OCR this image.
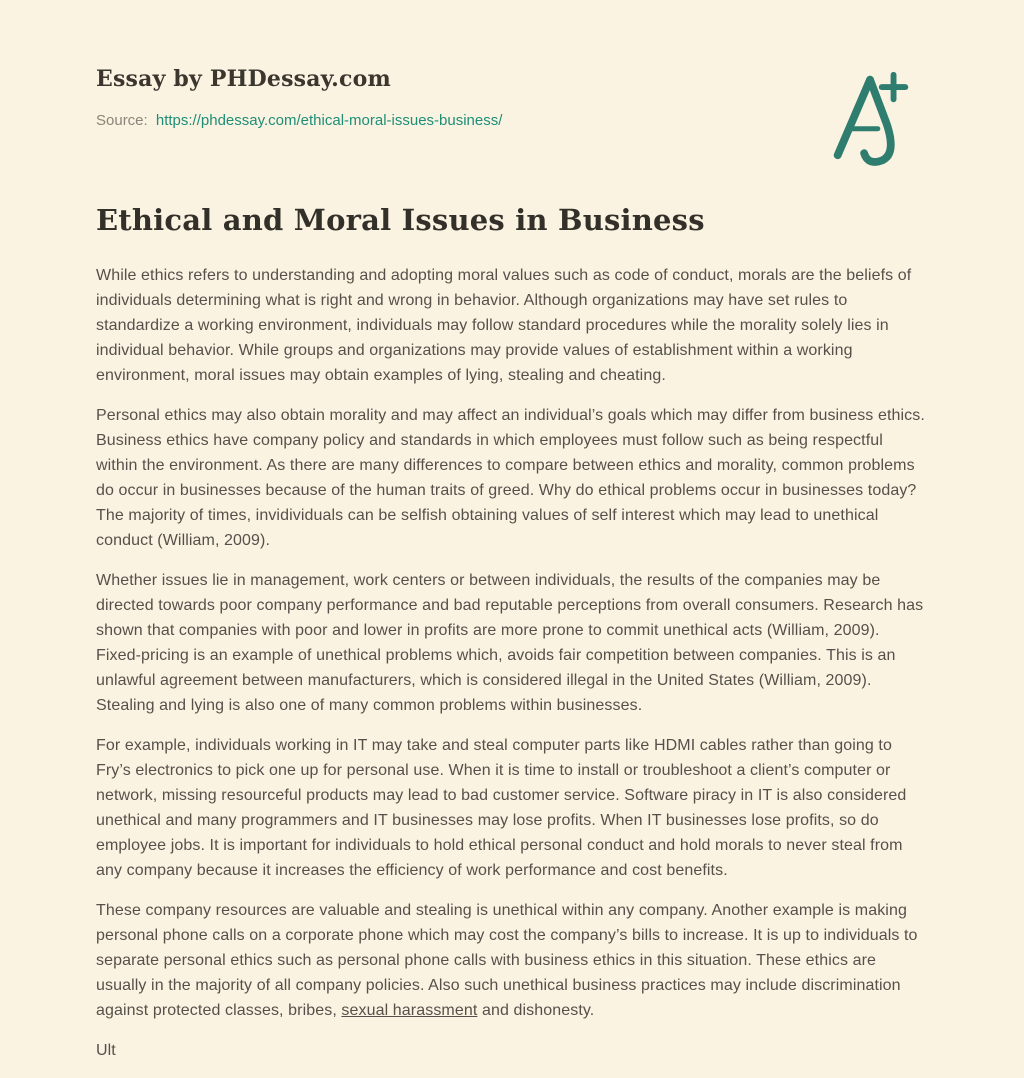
Essay by PHDessay.com
Source: https://phdessay.com/ethical-moral-issues-business/
Ethical and Moral Issues in Business

While ethics refers to understanding and adopting moral values such as code of conduct, morals are the beliefs of individuals determining what is right and wrong in behavior. Although organizations may have set rules to standardize a working environment, individuals may follow standard procedures while the morality solely lies in individual behavior. While groups and organizations may provide values of establishment within a working environment, moral issues may obtain examples of lying, stealing and cheating.

Personal ethics may also obtain morality and may affect an individual’s goals which may differ from business ethics. Business ethics have company policy and standards in which employees must follow such as being respectful within the environment. As there are many differences to compare between ethics and morality, common problems do occur in businesses because of the human traits of greed. Why do ethical problems occur in businesses today? The majority of times, invidividuals can be selfish obtaining values of self interest which may lead to unethical conduct (William, 2009).

Whether issues lie in management, work centers or between individuals, the results of the companies may be directed towards poor company performance and bad reputable perceptions from overall consumers. Research has shown that companies with poor and lower in profits are more prone to commit unethical acts (William, 2009). Fixed-pricing is an example of unethical problems which, avoids fair competition between companies. This is an unlawful agreement between manufacturers, which is considered illegal in the United States (William, 2009). Stealing and lying is also one of many common problems within businesses.

For example, individuals working in IT may take and steal computer parts like HDMI cables rather than going to Fry’s electronics to pick one up for personal use. When it is time to install or troubleshoot a client’s computer or network, missing resourceful products may lead to bad customer service. Software piracy in IT is also considered unethical and many programmers and IT businesses may lose profits. When IT businesses lose profits, so do employee jobs. It is important for individuals to hold ethical personal conduct and hold morals to never steal from any company because it increases the efficiency of work performance and cost benefits.

These company resources are valuable and stealing is unethical within any company. Another example is making personal phone calls on a corporate phone which may cost the company’s bills to increase. It is up to individuals to separate personal ethics such as personal phone calls with business ethics in this situation. These ethics are usually in the majority of all company policies. Also such unethical business practices may include discrimination against protected classes, bribes, sexual harassment and dishonesty.

Ult
